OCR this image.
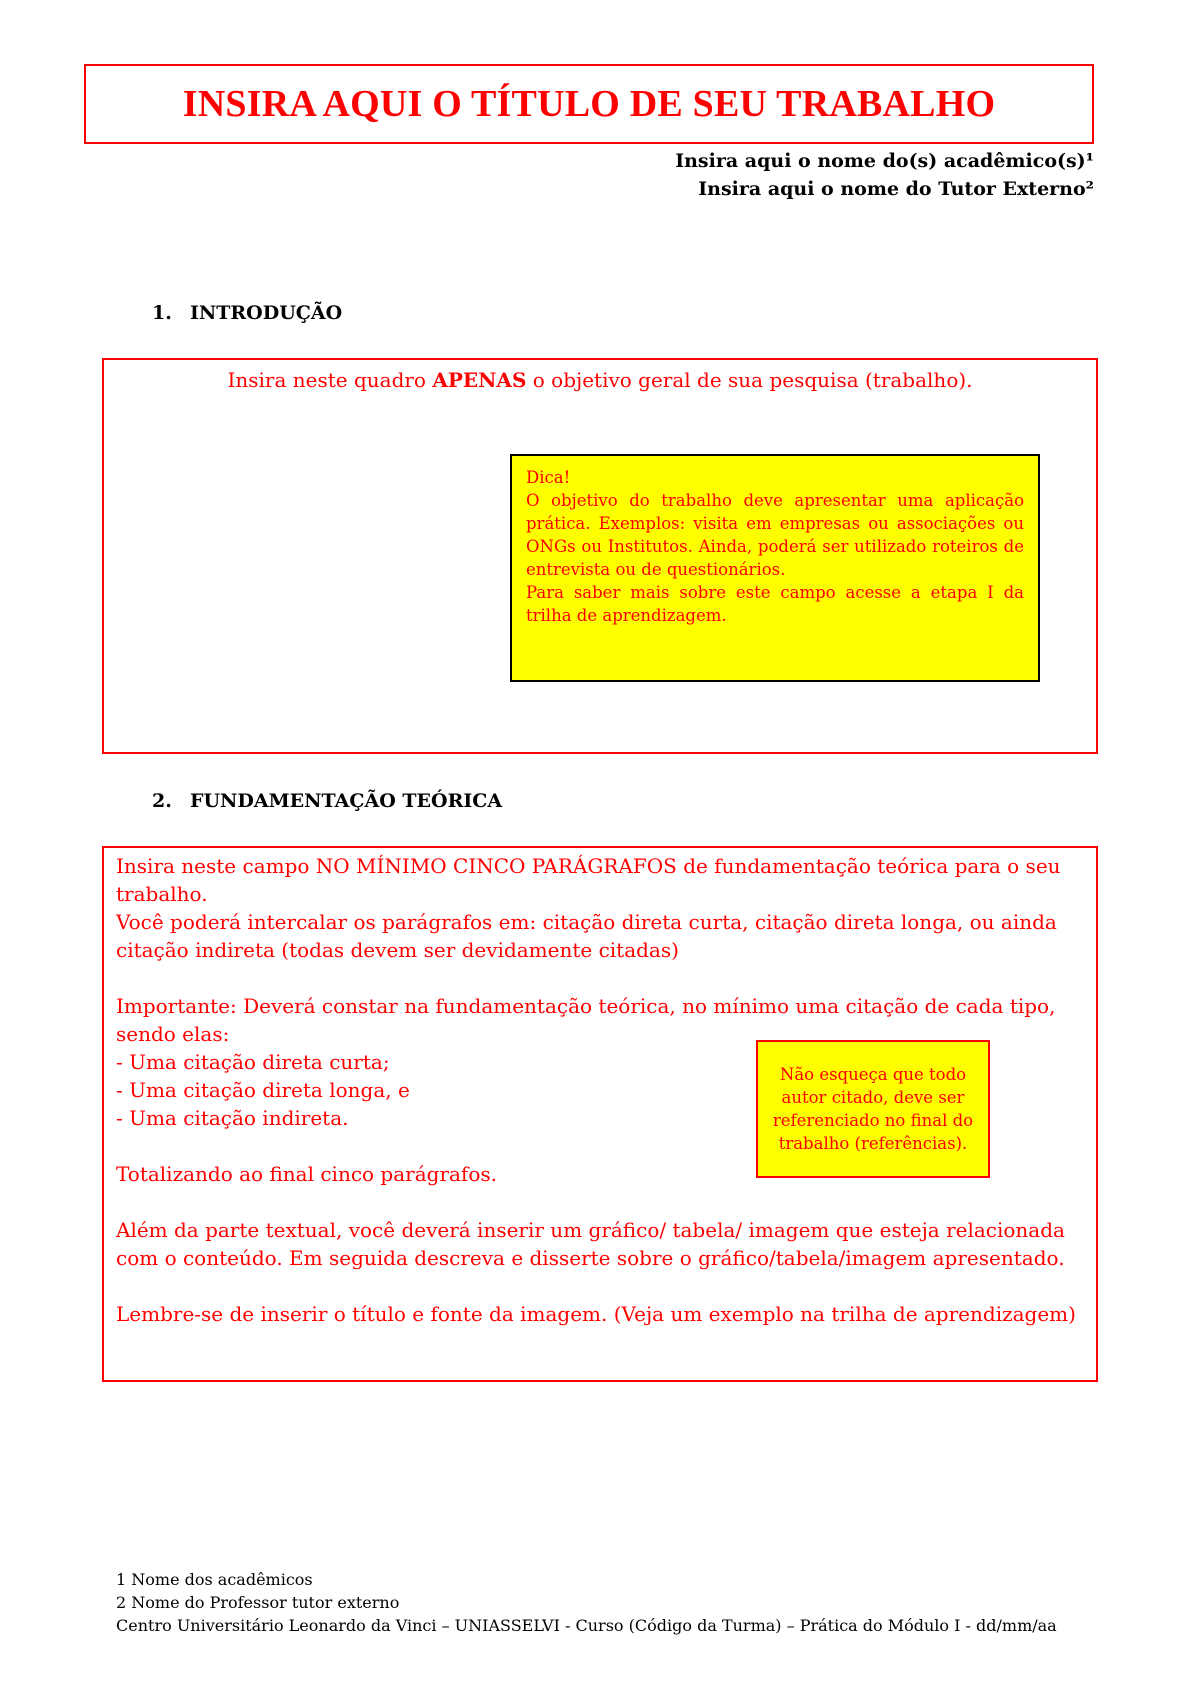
INSIRA AQUI O TÍTULO DE SEU TRABALHO
Insira aqui o nome do(s) acadêmico(s)¹
Insira aqui o nome do Tutor Externo²
1. INTRODUÇÃO
Insira neste quadro APENAS o objetivo geral de sua pesquisa (trabalho).

Dica!

O objetivo do trabalho deve apresentar uma aplicação prática. Exemplos: visita em empresas ou associações ou ONGs ou Institutos. Ainda, poderá ser utilizado roteiros de entrevista ou de questionários.

Para saber mais sobre este campo acesse a etapa I da trilha de aprendizagem.

2. FUNDAMENTAÇÃO TEÓRICA

Insira neste campo NO MÍNIMO CINCO PARÁGRAFOS de fundamentação teórica para o seu trabalho.

Você poderá intercalar os parágrafos em: citação direta curta, citação direta longa, ou ainda citação indireta (todas devem ser devidamente citadas)

Importante: Deverá constar na fundamentação teórica, no mínimo uma citação de cada tipo, sendo elas:

- Uma citação direta curta;

- Uma citação direta longa, e

- Uma citação indireta.

Totalizando ao final cinco parágrafos.

Além da parte textual, você deverá inserir um gráfico/ tabela/ imagem que esteja relacionada com o conteúdo. Em seguida descreva e disserte sobre o gráfico/tabela/imagem apresentado.

Lembre-se de inserir o título e fonte da imagem. (Veja um exemplo na trilha de aprendizagem)

Não esqueça que todo autor citado, deve ser referenciado no final do trabalho (referências).
1 Nome dos acadêmicos
2 Nome do Professor tutor externo
Centro Universitário Leonardo da Vinci – UNIASSELVI - Curso (Código da Turma) – Prática do Módulo I - dd/mm/aa
